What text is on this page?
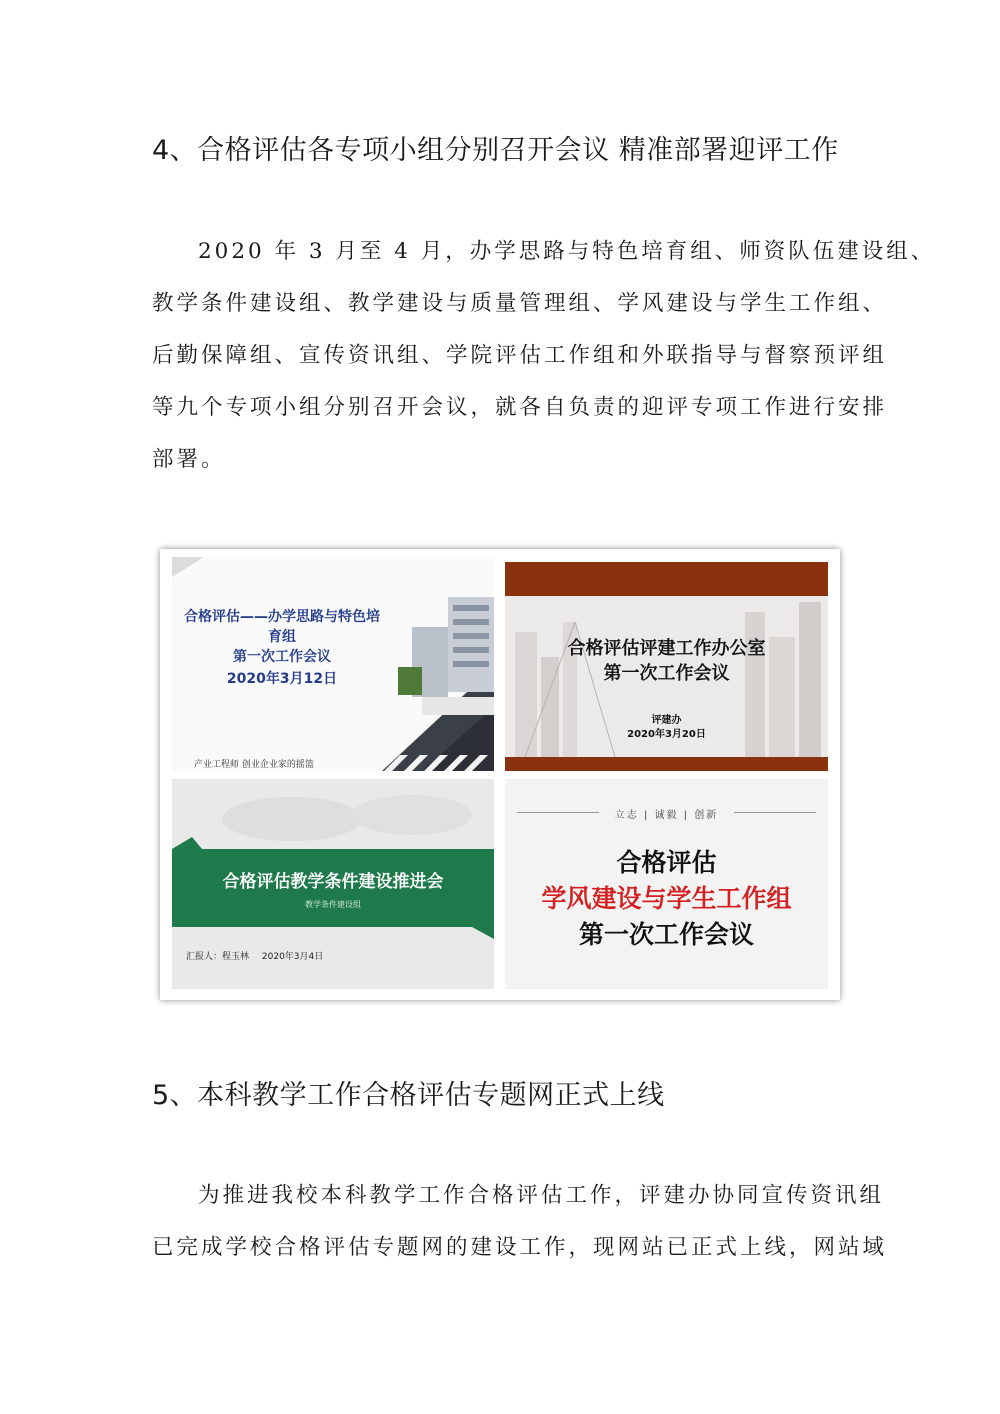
4、合格评估各专项小组分别召开会议 精准部署迎评工作
2020 年 3 月至 4 月，办学思路与特色培育组、师资队伍建设组、
教学条件建设组、教学建设与质量管理组、学风建设与学生工作组、
后勤保障组、宣传资讯组、学院评估工作组和外联指导与督察预评组
等九个专项小组分别召开会议，就各自负责的迎评专项工作进行安排
部署。
合格评估——办学思路与特色培育组
第一次工作会议
2020年3月12日
产业工程师 创业企业家的摇篮
合格评估评建工作办公室
第一次工作会议
评建办
2020年3月20日
合格评估教学条件建设推进会
教学条件建设组
汇报人：程玉林 2020年3月4日
立志 | 诚毅 | 创新
合格评估
学风建设与学生工作组
第一次工作会议
5、本科教学工作合格评估专题网正式上线
为推进我校本科教学工作合格评估工作，评建办协同宣传资讯组
已完成学校合格评估专题网的建设工作，现网站已正式上线，网站域
